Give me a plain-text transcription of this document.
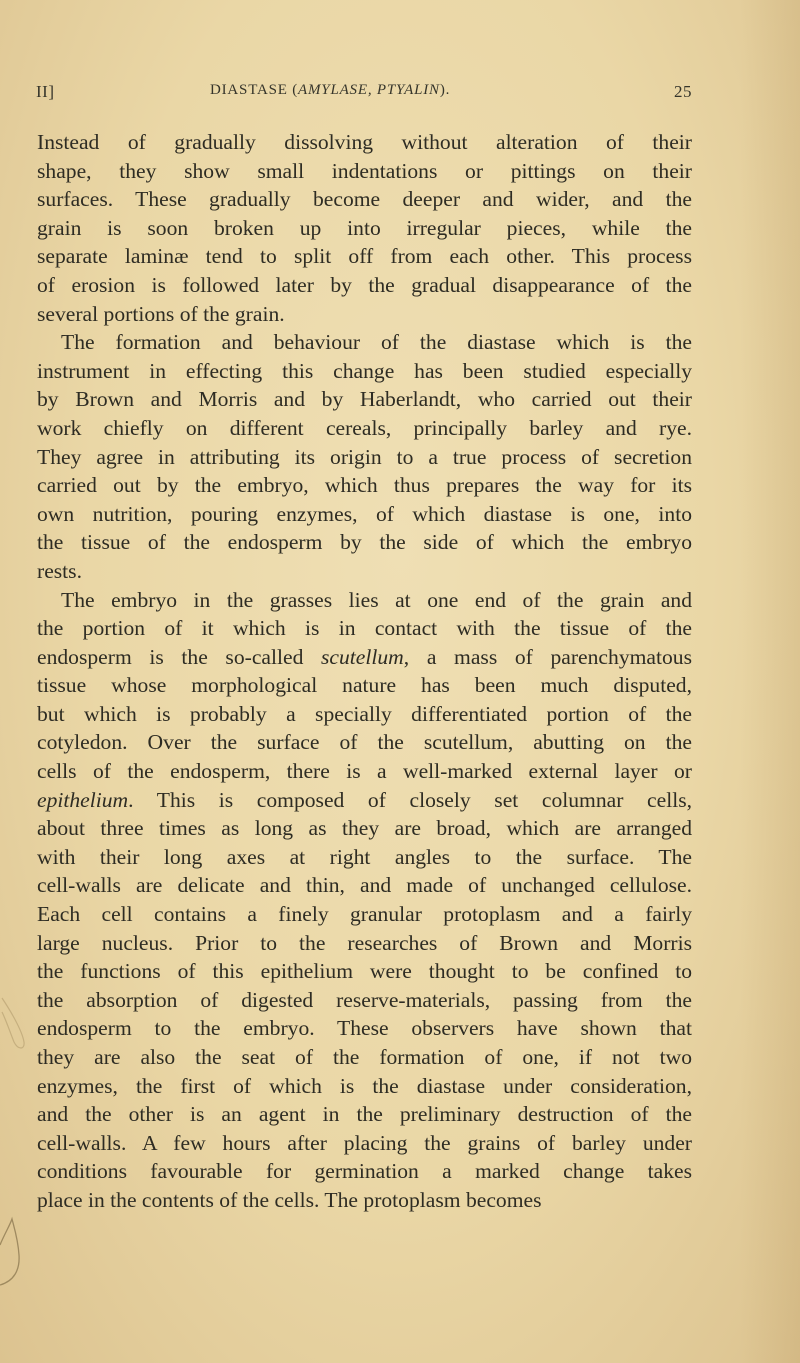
II]	DIASTASE (AMYLASE, PTYALIN).	25
Instead of gradually dissolving without alteration of their
shape, they show small indentations or pittings on their
surfaces. These gradually become deeper and wider, and the
grain is soon broken up into irregular pieces, while the
separate laminæ tend to split off from each other. This process
of erosion is followed later by the gradual disappearance of the
several portions of the grain.
The formation and behaviour of the diastase which is the
instrument in effecting this change has been studied especially
by Brown and Morris and by Haberlandt, who carried out their
work chiefly on different cereals, principally barley and rye.
They agree in attributing its origin to a true process of secretion
carried out by the embryo, which thus prepares the way for its
own nutrition, pouring enzymes, of which diastase is one, into
the tissue of the endosperm by the side of which the embryo
rests.
The embryo in the grasses lies at one end of the grain and
the portion of it which is in contact with the tissue of the
endosperm is the so-called scutellum, a mass of parenchymatous
tissue whose morphological nature has been much disputed,
but which is probably a specially differentiated portion of the
cotyledon. Over the surface of the scutellum, abutting on the
cells of the endosperm, there is a well-marked external layer or
epithelium. This is composed of closely set columnar cells,
about three times as long as they are broad, which are arranged
with their long axes at right angles to the surface. The
cell-walls are delicate and thin, and made of unchanged cellulose.
Each cell contains a finely granular protoplasm and a fairly
large nucleus. Prior to the researches of Brown and Morris
the functions of this epithelium were thought to be confined to
the absorption of digested reserve-materials, passing from the
endosperm to the embryo. These observers have shown that
they are also the seat of the formation of one, if not two
enzymes, the first of which is the diastase under consideration,
and the other is an agent in the preliminary destruction of the
cell-walls. A few hours after placing the grains of barley under
conditions favourable for germination a marked change takes
place in the contents of the cells. The protoplasm becomes
